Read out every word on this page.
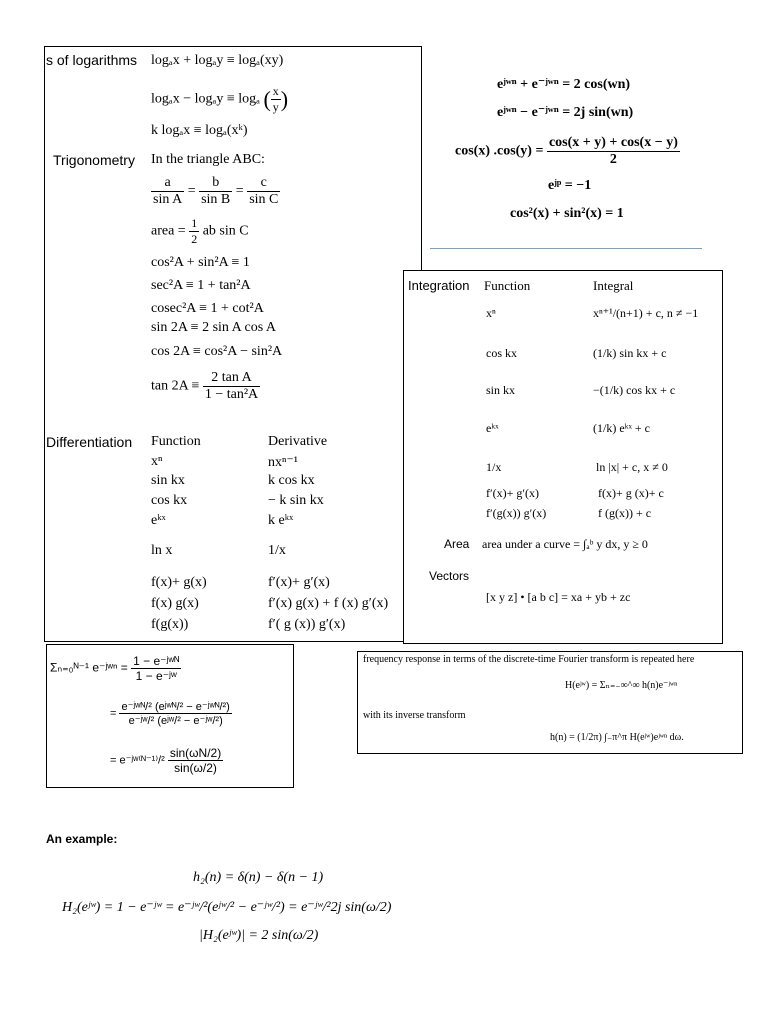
s of logarithms logₐx + logₐy ≡ logₐ(xy)
logₐx − logₐy ≡ logₐ ( $\frac{x}{y}$ )
k logₐx ≡ logₐ(xᵏ)
Trigonometry In the triangle ABC:
$\frac{a}{\text{sin A}} = \frac{b}{\text{sin B}} = \frac{c}{\text{sin C}}$
area = $\frac{1}{2}$ ab sin C
cos²A + sin²A ≡ 1
sec²A ≡ 1 + tan²A
cosec²A ≡ 1 + cot²A
sin 2A ≡ 2 sin A cos A
cos 2A ≡ cos²A − sin²A
$\tan 2A \equiv \frac{\text{2 tan A}}{\text{1 − tan²A}}$
Differentiation Function	Derivative
xⁿ	nxⁿ⁻¹
sin kx	k cos kx
cos kx	− k sin kx
eᵏˣ	k eᵏˣ
ln x	1/x
f(x)+ g(x)	f′(x)+ g′(x)
f(x) g(x)	f′(x) g(x) + f (x) g′(x)
f(g(x))	f′( g (x)) g′(x)
eʲʷⁿ + e⁻ʲʷⁿ = 2 cos(wn)
eʲʷⁿ − e⁻ʲʷⁿ = 2j sin(wn)
cos(x) $.\cos(y) = \frac{\cos(x + y) + \cos(x - y)}{2}$
eʲᵖ = −1
cos²(x) + sin²(x) = 1
Integration Function	Integral
xⁿ	xⁿ⁺¹/(n+1) + c, n ≠ −1
cos kx	(1/k) sin kx + c
sin kx	−(1/k) cos kx + c
eᵏˣ	(1/k) eᵏˣ + c
1/x	ln |x| + c, x ≠ 0
f′(x)+ g′(x)	f(x)+ g (x)+ c
f′(g(x)) g′(x)	f (g(x)) + c
Area area under a curve = ∫ₐᵇ y dx, y ≥ 0
Vectors
[x y z] • [a b c] = xa + yb + zc
Σₙ₌₀ᴺ⁻¹ e⁻ʲʷⁿ = $\frac{\text{1 − e⁻ʲʷᴺ}}{\text{1 − e⁻ʲʷ}}$
= $\frac{\text{e⁻ʲʷᴺ/² (eʲʷᴺ/² − e⁻ʲʷᴺ/²)}}{\text{e⁻ʲʷ/² (eʲʷ/² − e⁻ʲʷ/²)}}$
= e⁻ʲʷ⁽ᴺ⁻¹⁾/² $\frac{\sin(\omega N/2)}{\sin(\omega/2)}$
frequency response in terms of the discrete-time Fourier transform is repeated here
H(eʲʷ) = Σₙ₌₋∞^∞ h(n)e⁻ʲʷⁿ
with its inverse transform
h(n) = (1/2π) ∫₋π^π H(eʲʷ)eʲʷⁿ dω.
An example:
h₂(n) = δ(n) − δ(n − 1)
H₂(eʲʷ) = 1 − e⁻ʲʷ = e⁻ʲʷ/²(eʲʷ/² − e⁻ʲʷ/²) = e⁻ʲʷ/²2j sin(ω/2)
|H₂(eʲʷ)| = 2 sin(ω/2)
